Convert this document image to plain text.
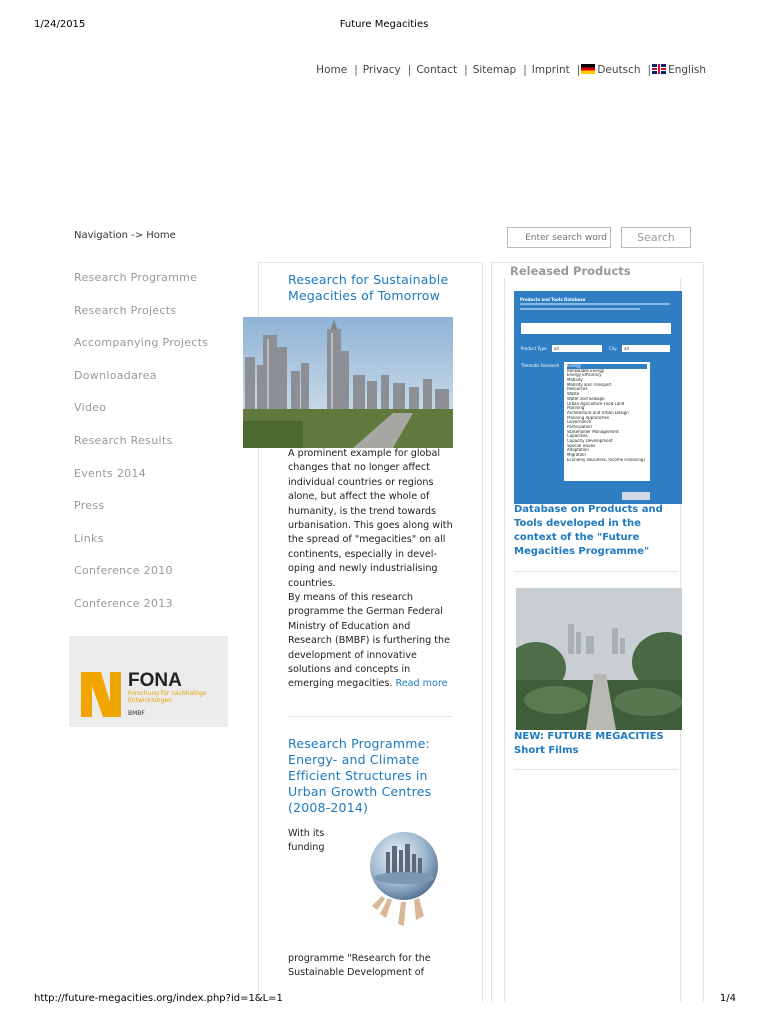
1/24/2015	Future Megacities
Home | Privacy | Contact | Sitemap | Imprint | Deutsch | English
Navigation -> Home
Enter search word	Search
Research Programme
Research Projects
Accompanying Projects
Downloadarea
Video
Research Results
Events 2014
Press
Links
Conference 2010
Conference 2013
FONA
Forschung für nachhaltige Entwicklungen
BMBF
Research for Sustainable Megacities of Tomorrow
A prominent example for global changes that no longer affect individual countries or regions alone, but affect the whole of humanity, is the trend towards urbanisation. This goes along with the spread of "megacities" on all continents, especially in devel-oping and newly industrialising countries.
By means of this research programme the German Federal Ministry of Education and Research (BMBF) is furthering the development of innovative solutions and concepts in emerging megacities. Read more
Research Programme: Energy- and Climate Efficient Structures in Urban Growth Centres (2008-2014)
With its funding
programme "Research for the Sustainable Development of
Released Products
Products and Tools Database
Product Type	all	City	all
Thematic Research Energy
Renewable Energy
Energy Efficiency
Mobility
Mobility and Transport
Resources
Waste
Water and Sewage
Urban Agriculture Food Land
Planning
Architecture and Urban Design
Planning Approaches
Governance
Participation
Stakeholder Management
Capacities
Capacity Development
Special Issues
Adaptation
Migration
Economy (Business, Income Financing)
Database on Products and Tools developed in the context of the "Future Megacities Programme"
NEW: FUTURE MEGACITIES Short Films
http://future-megacities.org/index.php?id=1&L=1	1/4
